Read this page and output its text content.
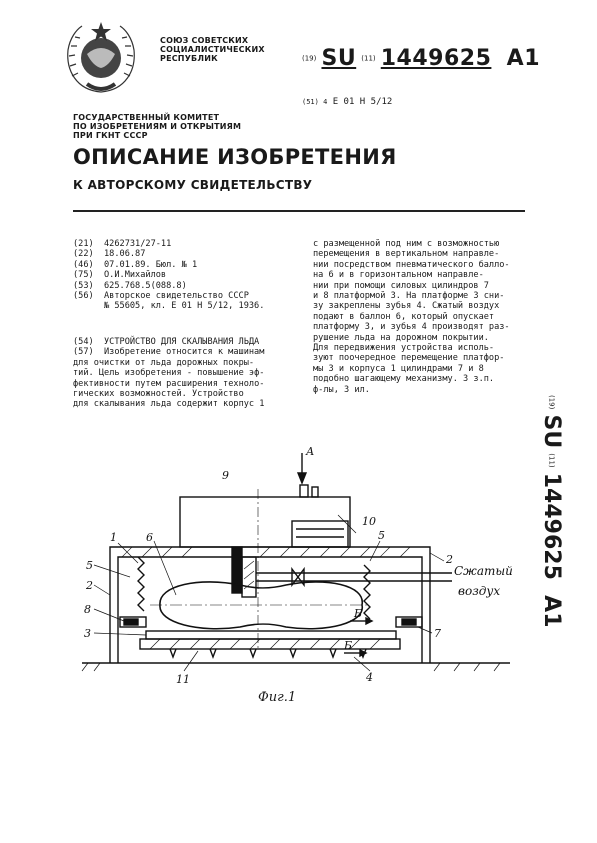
СОЮЗ СОВЕТСКИХ
СОЦИАЛИСТИЧЕСКИХ
РЕСПУБЛИК	(19) SU (11) 1449625 A1
(51) 4 Е 01 Н 5/12
ГОСУДАРСТВЕННЫЙ КОМИТЕТ
ПО ИЗОБРЕТЕНИЯМ И ОТКРЫТИЯМ
ПРИ ГКНТ СССР
ОПИСАНИЕ ИЗОБРЕТЕНИЯ
К АВТОРСКОМУ СВИДЕТЕЛЬСТВУ
(21) 4262731/27-11
(22) 18.06.87
(46) 07.01.89. Бюл. № 1
(75) О.И.Михайлов
(53) 625.768.5(088.8)
(56) Авторское свидетельство СССР
№ 55605, кл. Е 01 Н 5/12, 1936.
(54) УСТРОЙСТВО ДЛЯ СКАЛЫВАНИЯ ЛЬДА
(57) Изобретение относится к машинам
для очистки от льда дорожных покры-
тий. Цель изобретения - повышение эф-
фективности путем расширения техноло-
гических возможностей. Устройство
для скалывания льда содержит корпус 1
с размещенной под ним с возможностью
перемещения в вертикальном направле-
нии посредством пневматического балло-
на 6 и в горизонтальном направле-
нии при помощи силовых цилиндров 7
и 8 платформой 3. На платформе 3 сни-
зу закреплены зубья 4. Сжатый воздух
подают в баллон 6, который опускает
платформу 3, и зубья 4 производят раз-
рушение льда на дорожном покрытии.
Для передвижения устройства исполь-
зуют поочередное перемещение платфор-
мы 3 и корпуса 1 цилиндрами 7 и 8
подобно шагающему механизму. 3 з.п.
ф-лы, 3 ил.
(19) SU (11) 1449625   A1
А
9
10
1	6
5
5
2
2
8
3	7
11	4
Б
Б
Сжатый
воздух
Фиг.1
